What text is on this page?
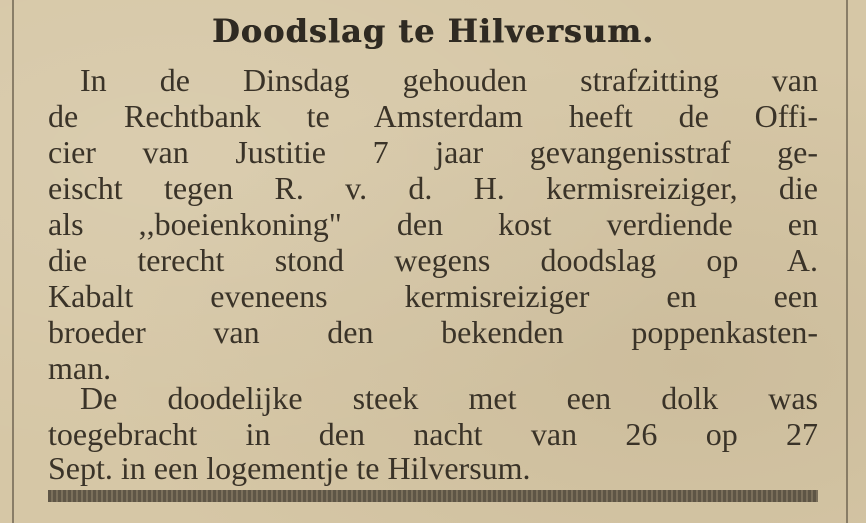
Doodslag te Hilversum.
In de Dinsdag gehouden strafzitting van
de Rechtbank te Amsterdam heeft de Offi-
cier van Justitie 7 jaar gevangenisstraf ge-
eischt tegen R. v. d. H. kermisreiziger, die
als ,,boeienkoning" den kost verdiende en
die terecht stond wegens doodslag op A.
Kabalt eveneens kermisreiziger en een
broeder van den bekenden poppenkasten-
man.
De doodelijke steek met een dolk was
toegebracht in den nacht van 26 op 27
Sept. in een logementje te Hilversum.
